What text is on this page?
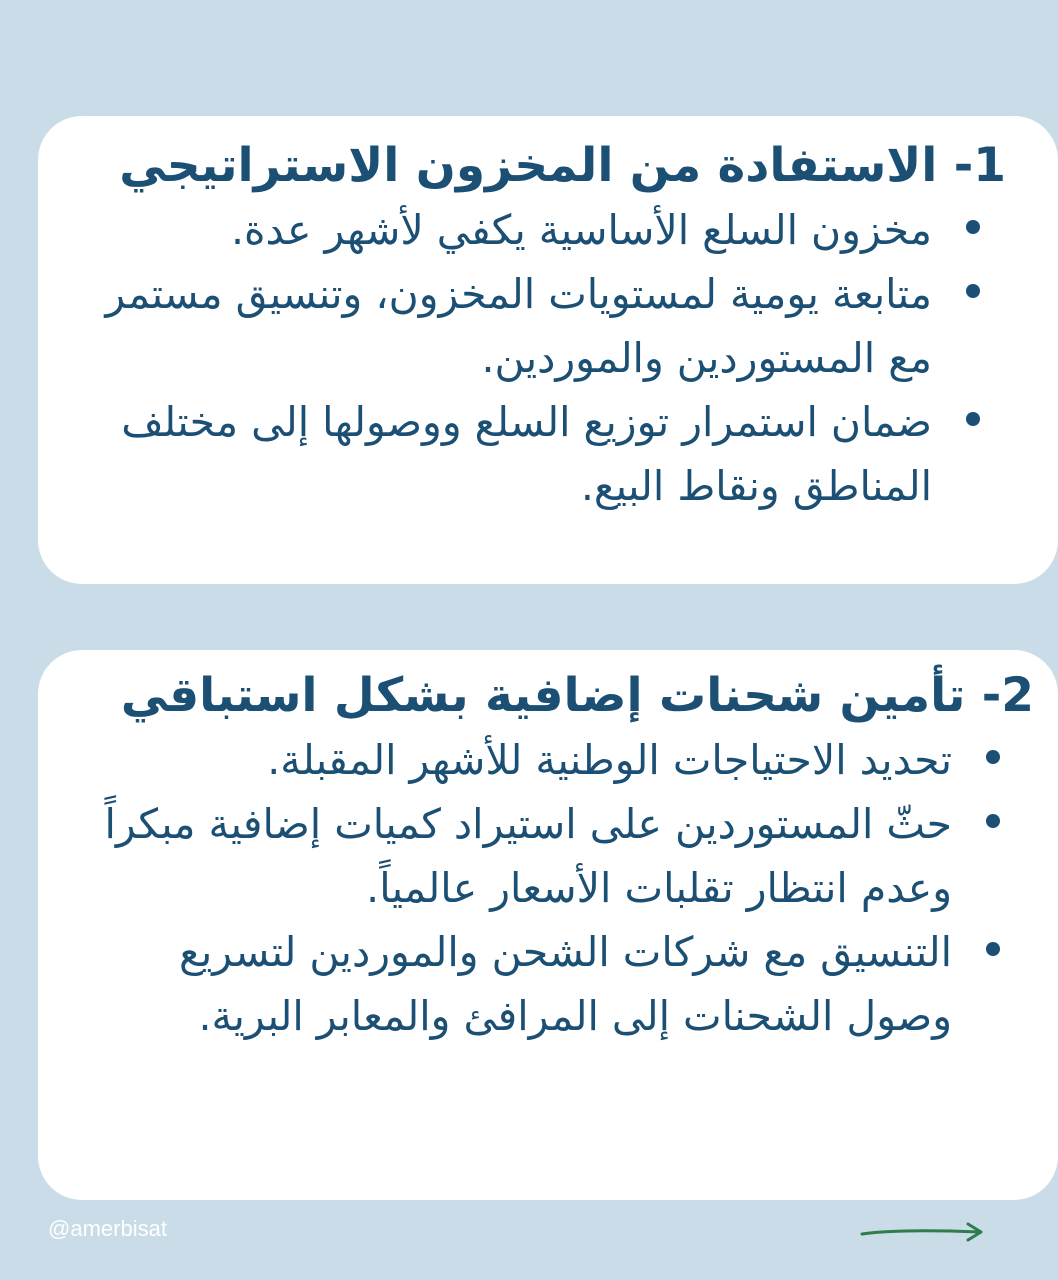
1- الاستفادة من المخزون الاستراتيجي
مخزون السلع الأساسية يكفي لأشهر عدة.
متابعة يومية لمستويات المخزون، وتنسيق مستمر مع المستوردين والموردين.
ضمان استمرار توزيع السلع ووصولها إلى مختلف المناطق ونقاط البيع.
2- تأمين شحنات إضافية بشكل استباقي
تحديد الاحتياجات الوطنية للأشهر المقبلة.
حثّ المستوردين على استيراد كميات إضافية مبكراً وعدم انتظار تقلبات الأسعار عالمياً.
التنسيق مع شركات الشحن والموردين لتسريع وصول الشحنات إلى المرافئ والمعابر البرية.
@amerbisat
